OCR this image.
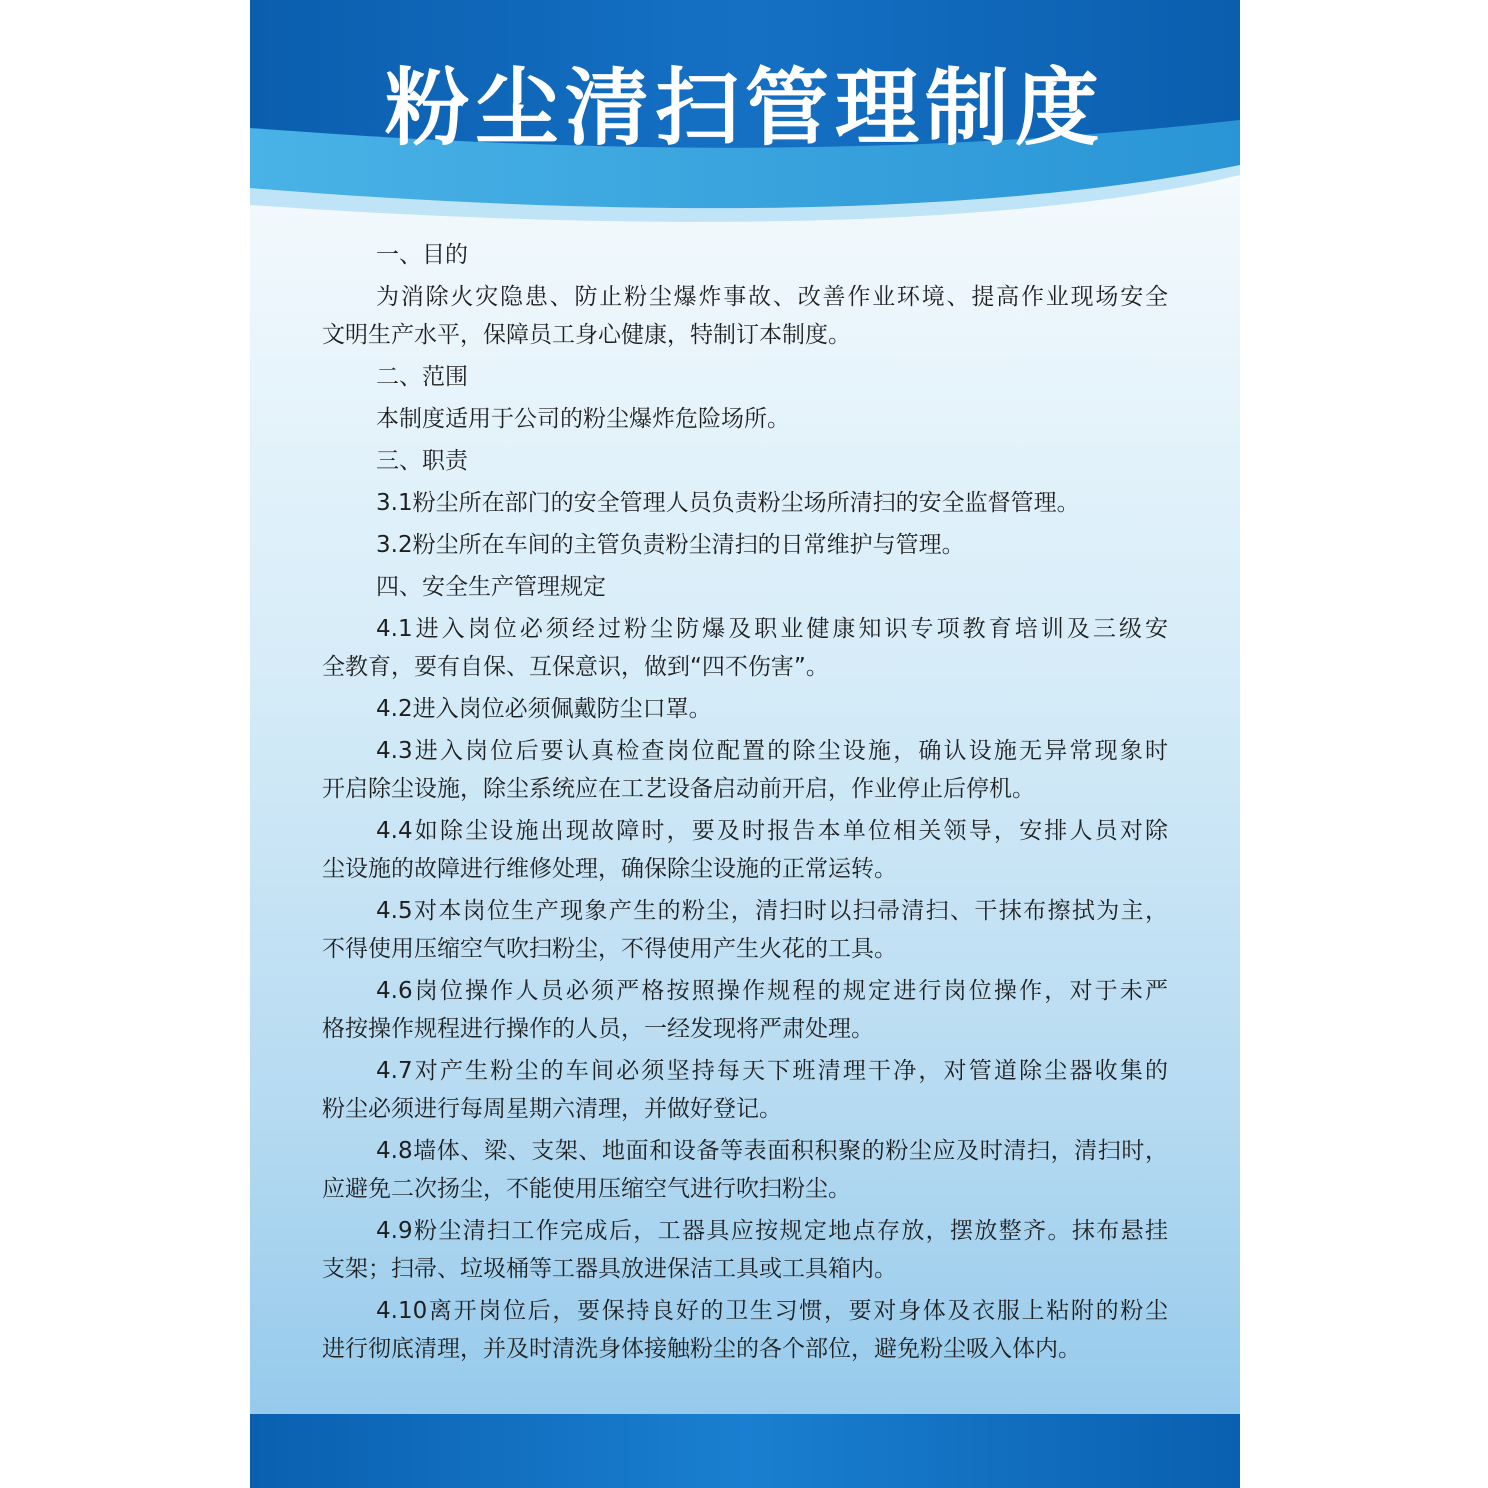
粉尘清扫管理制度

一、目的

为消除火灾隐患、防止粉尘爆炸事故、改善作业环境、提高作业现场安全

文明生产水平，保障员工身心健康，特制订本制度。

二、范围

本制度适用于公司的粉尘爆炸危险场所。

三、职责

3.1粉尘所在部门的安全管理人员负责粉尘场所清扫的安全监督管理。

3.2粉尘所在车间的主管负责粉尘清扫的日常维护与管理。

四、安全生产管理规定

4.1进入岗位必须经过粉尘防爆及职业健康知识专项教育培训及三级安

全教育，要有自保、互保意识，做到“四不伤害”。

4.2进入岗位必须佩戴防尘口罩。

4.3进入岗位后要认真检查岗位配置的除尘设施，确认设施无异常现象时

开启除尘设施，除尘系统应在工艺设备启动前开启，作业停止后停机。

4.4如除尘设施出现故障时，要及时报告本单位相关领导，安排人员对除

尘设施的故障进行维修处理，确保除尘设施的正常运转。

4.5对本岗位生产现象产生的粉尘，清扫时以扫帚清扫、干抹布擦拭为主，

不得使用压缩空气吹扫粉尘，不得使用产生火花的工具。

4.6岗位操作人员必须严格按照操作规程的规定进行岗位操作，对于未严

格按操作规程进行操作的人员，一经发现将严肃处理。

4.7对产生粉尘的车间必须坚持每天下班清理干净，对管道除尘器收集的

粉尘必须进行每周星期六清理，并做好登记。

4.8墙体、梁、支架、地面和设备等表面积积聚的粉尘应及时清扫，清扫时，

应避免二次扬尘，不能使用压缩空气进行吹扫粉尘。

4.9粉尘清扫工作完成后，工器具应按规定地点存放，摆放整齐。抹布悬挂

支架；扫帚、垃圾桶等工器具放进保洁工具或工具箱内。

4.10离开岗位后，要保持良好的卫生习惯，要对身体及衣服上粘附的粉尘

进行彻底清理，并及时清洗身体接触粉尘的各个部位，避免粉尘吸入体内。
